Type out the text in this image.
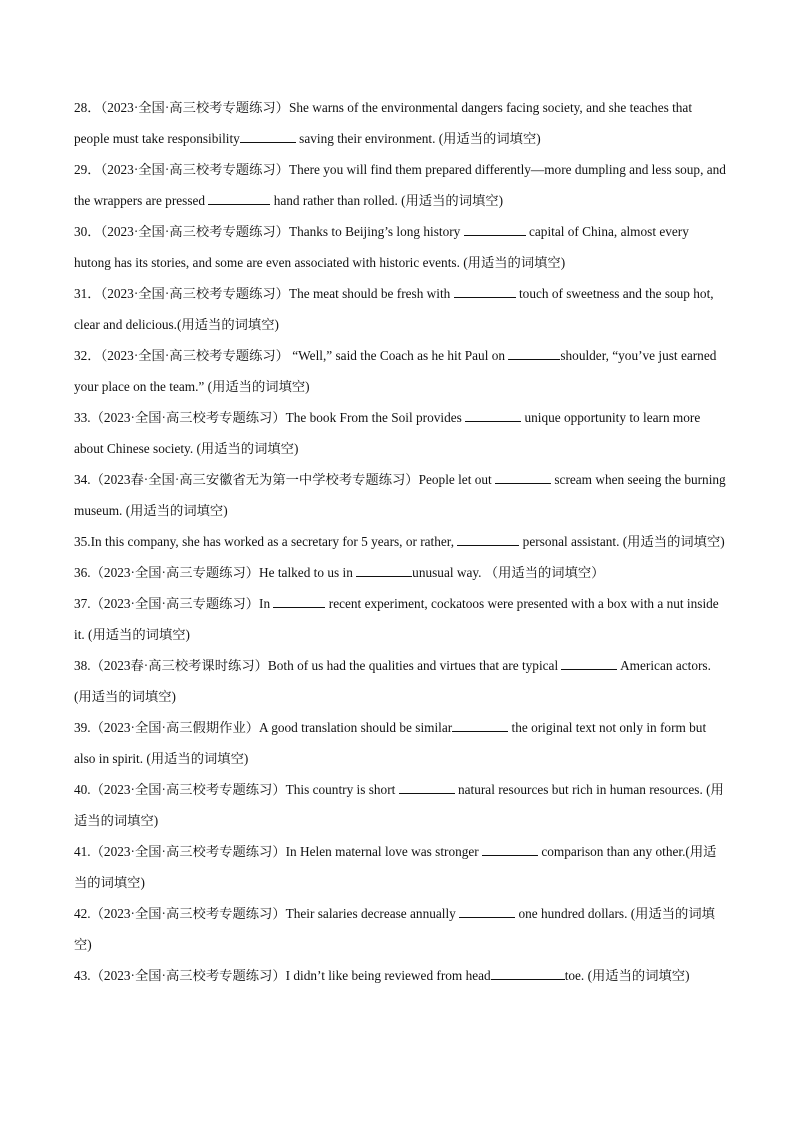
28．（2023·全国·高三校考专题练习）She warns of the environmental dangers facing society, and she teaches that people must take responsibility	saving their environment. (用适当的词填空)

29．（2023·全国·高三校考专题练习）There you will find them prepared differently—more dumpling and less soup, and the wrappers are pressed	hand rather than rolled. (用适当的词填空)

30．（2023·全国·高三校考专题练习）Thanks to Beijing’s long history	capital of China, almost every hutong has its stories, and some are even associated with historic events. (用适当的词填空)

31．（2023·全国·高三校考专题练习）The meat should be fresh with	touch of sweetness and the soup hot, clear and delicious.(用适当的词填空)

32．（2023·全国·高三校考专题练习） “Well,” said the Coach as he hit Paul on	shoulder, “you’ve just earned your place on the team.” (用适当的词填空)

33.（2023·全国·高三校考专题练习）The book From the Soil provides	unique opportunity to learn more about Chinese society. (用适当的词填空)

34.（2023春·全国·高三安徽省无为第一中学校考专题练习）People let out	scream when seeing the burning museum. (用适当的词填空)

35.In this company, she has worked as a secretary for 5 years, or rather,	personal assistant. (用适当的词填空)

36.（2023·全国·高三专题练习）He talked to us in	unusual way. （用适当的词填空）

37.（2023·全国·高三专题练习）In	recent experiment, cockatoos were presented with a box with a nut inside it. (用适当的词填空)

38.（2023春·高三校考课时练习）Both of us had the qualities and virtues that are typical	American actors.(用适当的词填空)

39.（2023·全国·高三假期作业）A good translation should be similar	the original text not only in form but also in spirit. (用适当的词填空)

40.（2023·全国·高三校考专题练习）This country is short	natural resources but rich in human resources. (用适当的词填空)

41.（2023·全国·高三校考专题练习）In Helen maternal love was stronger	comparison than any other.(用适当的词填空)

42.（2023·全国·高三校考专题练习）Their salaries decrease annually	one hundred dollars. (用适当的词填空)

43.（2023·全国·高三校考专题练习）I didn’t like being reviewed from head	toe. (用适当的词填空)
